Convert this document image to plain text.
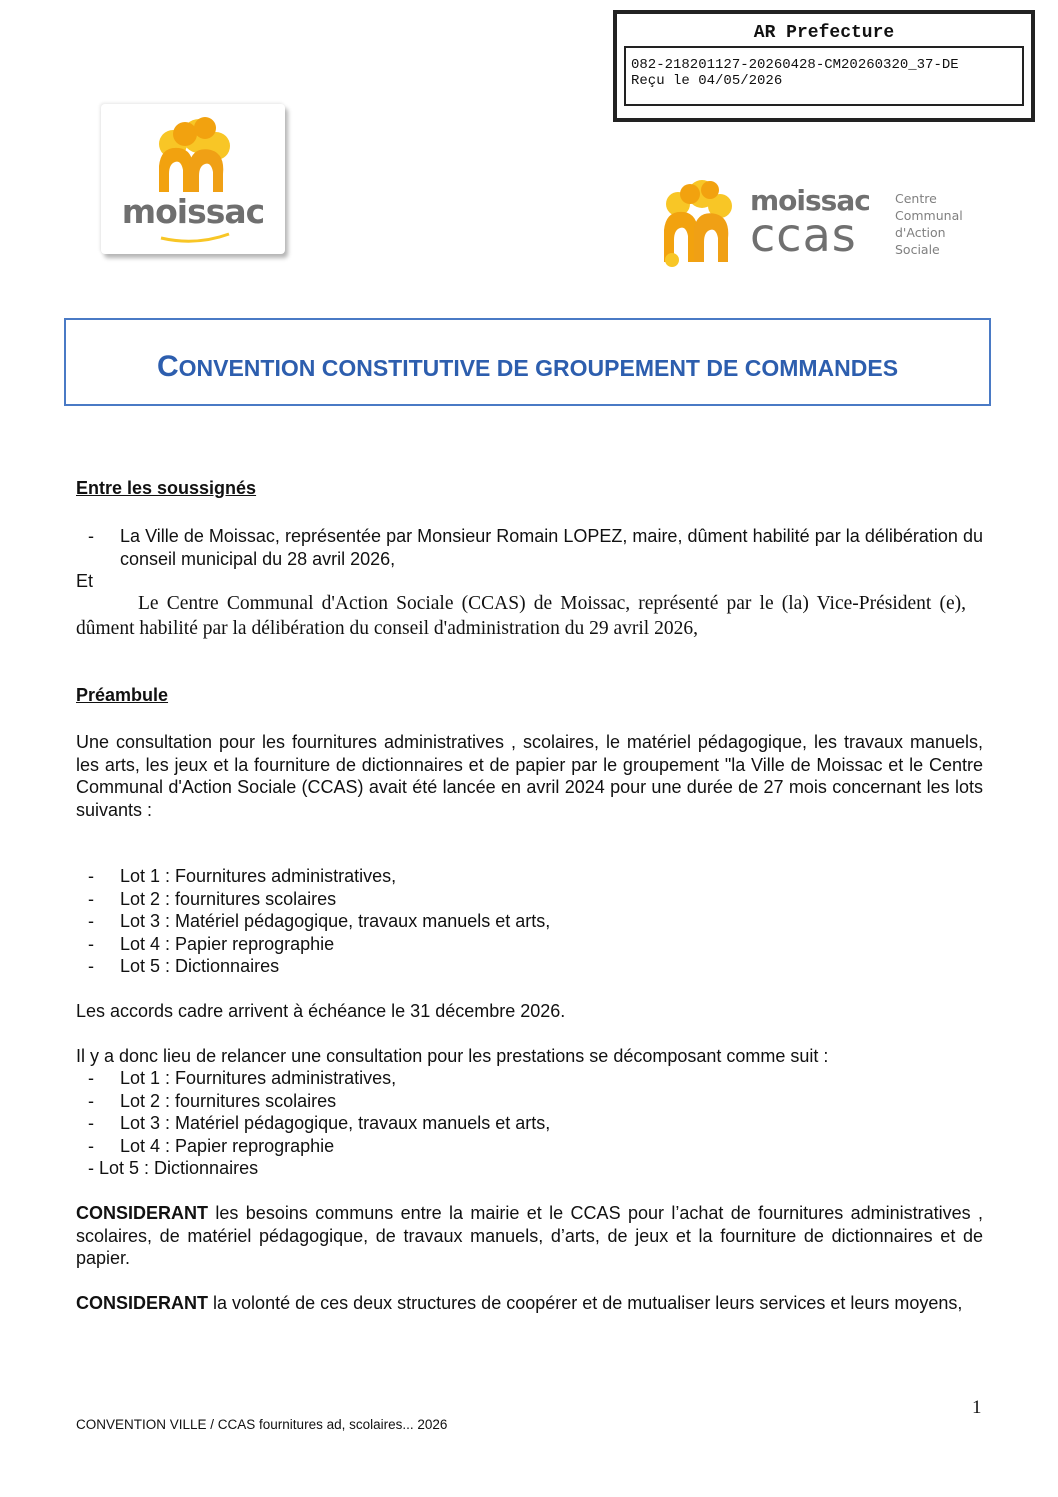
AR Prefecture
082-218201127-20260428-CM20260320_37-DE
Reçu le 04/05/2026
moissac	moissac
ccas
Centre
Communal
d'Action
Sociale
CONVENTION CONSTITUTIVE DE GROUPEMENT DE COMMANDES
Entre les soussignés
- La Ville de Moissac, représentée par Monsieur Romain LOPEZ, maire, dûment habilité par la délibération du conseil municipal du 28 avril 2026,
Et
Le Centre Communal d'Action Sociale (CCAS) de Moissac, représenté par le (la) Vice-Président (e), dûment habilité par la délibération du conseil d'administration du 29 avril 2026,
Préambule
Une consultation pour les fournitures administratives , scolaires, le matériel pédagogique, les travaux manuels, les arts, les jeux et la fourniture de dictionnaires et de papier par le groupement "la Ville de Moissac et le Centre Communal d'Action Sociale (CCAS) avait été lancée en avril 2024 pour une durée de 27 mois concernant les lots suivants :
- Lot 1 : Fournitures administratives,
- Lot 2 : fournitures scolaires
- Lot 3 : Matériel pédagogique, travaux manuels et arts,
- Lot 4 : Papier reprographie
- Lot 5 : Dictionnaires
Les accords cadre arrivent à échéance le 31 décembre 2026.
Il y a donc lieu de relancer une consultation pour les prestations se décomposant comme suit :
- Lot 1 : Fournitures administratives,
- Lot 2 : fournitures scolaires
- Lot 3 : Matériel pédagogique, travaux manuels et arts,
- Lot 4 : Papier reprographie
- Lot 5 : Dictionnaires
CONSIDERANT les besoins communs entre la mairie et le CCAS pour l’achat de fournitures administratives , scolaires, de matériel pédagogique, de travaux manuels, d’arts, de jeux et la fourniture de dictionnaires et de papier.
CONSIDERANT la volonté de ces deux structures de coopérer et de mutualiser leurs services et leurs moyens,
1
CONVENTION VILLE / CCAS fournitures ad, scolaires... 2026
